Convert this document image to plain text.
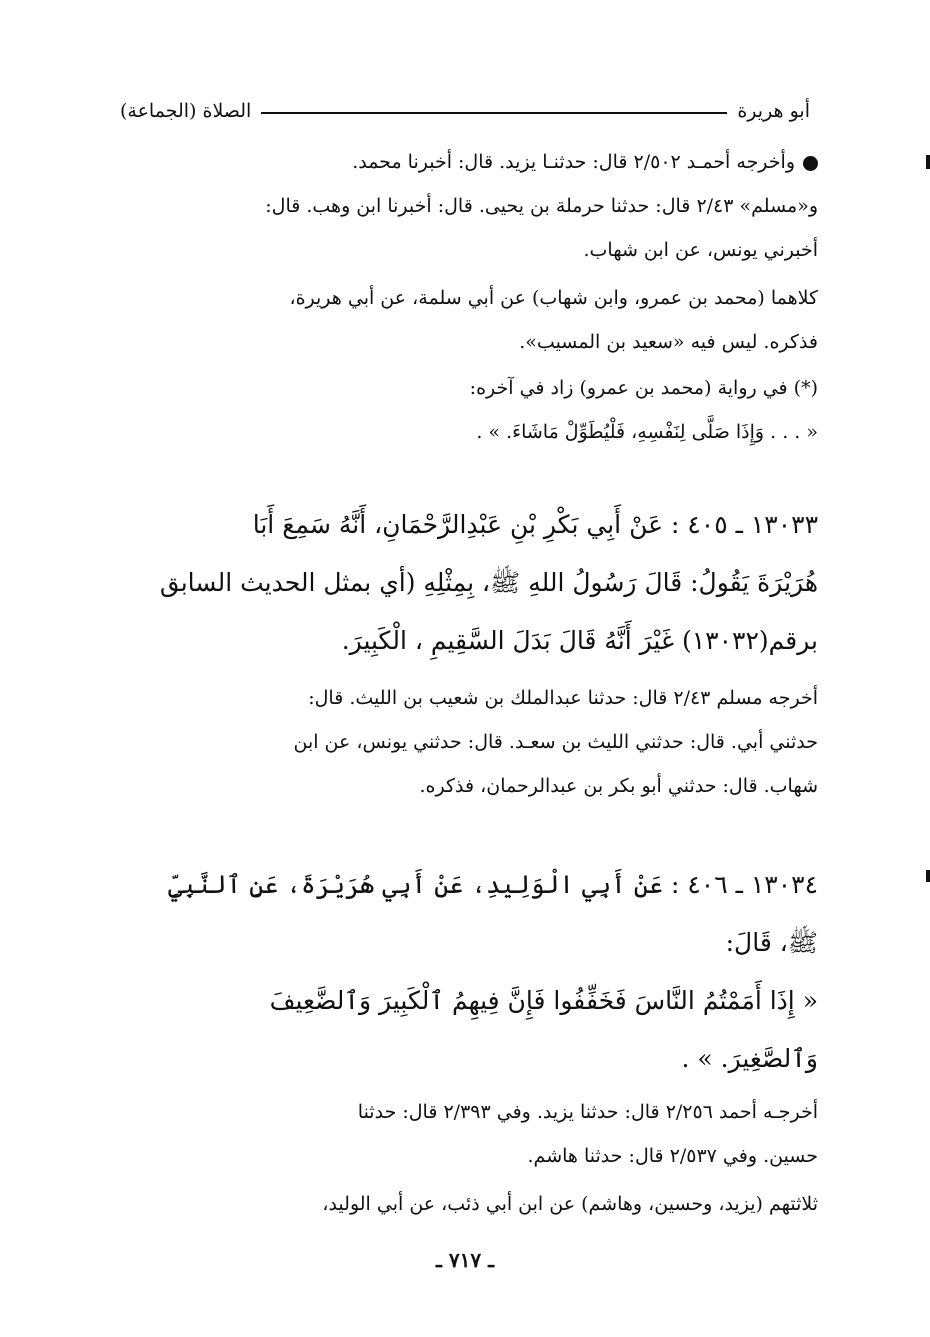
الصلاة (الجماعة)	أبو هريرة

وأخرجه أحمـد ٢/٥٠٢ قال: حدثنـا يزيد. قال: أخبرنا محمد.

و«مسلم» ٢/٤٣ قال: حدثنا حرملة بن يحيى. قال: أخبرنا ابن وهب. قال:

أخبرني يونس، عن ابن شهاب.

كلاهما (محمد بن عمرو، وابن شهاب) عن أبي سلمة، عن أبي هريرة،

فذكره. ليس فيه «سعيد بن المسيب».

(*) في رواية (محمد بن عمرو) زاد في آخره:

« . . . وَإِذَا صَلَّى لِنَفْسِهِ، فَلْيُطَوِّلْ مَاشَاءَ. » .

١٣٠٣٣ ـ ٤٠٥ : عَنْ أَبِي بَكْرِ بْنِ عَبْدِالرَّحْمَانِ، أَنَّهُ سَمِعَ أَبَا

هُرَيْرَةَ يَقُولُ: قَالَ رَسُولُ اللهِ ﷺ، بِمِثْلِهِ (أي بمثل الحديث السابق

برقم(١٣٠٣٢) غَيْرَ أَنَّهُ قَالَ بَدَلَ السَّقِيمِ ، الْكَبِيرَ.

أخرجه مسلم ٢/٤٣ قال: حدثنا عبدالملك بن شعيب بن الليث. قال:

حدثني أبي. قال: حدثني الليث بن سعـد. قال: حدثني يونس، عن ابن

شهاب. قال: حدثني أبو بكر بن عبدالرحمان، فذكره.

١٣٠٣٤ ـ ٤٠٦ : عَنْ أَبِي الْوَلِيدِ، عَنْ أَبِي هُرَيْرَةَ، عَنِ ٱلنَّبِيِّ

ﷺ، قَالَ:

« إِذَا أَمَمْتُمُ النَّاسَ فَخَفِّفُوا فَإِنَّ فِيهِمُ ٱلْكَبِيرَ وَٱلضَّعِيفَ

وَٱلصَّغِيرَ. » .

أخرجـه أحمد ٢/٢٥٦ قال: حدثنا يزيد. وفي ٢/٣٩٣ قال: حدثنا

حسين. وفي ٢/٥٣٧ قال: حدثنا هاشم.

ثلاثتهم (يزيد، وحسين، وهاشم) عن ابن أبي ذئب، عن أبي الوليد،

ـ ٧١٧ ـ
